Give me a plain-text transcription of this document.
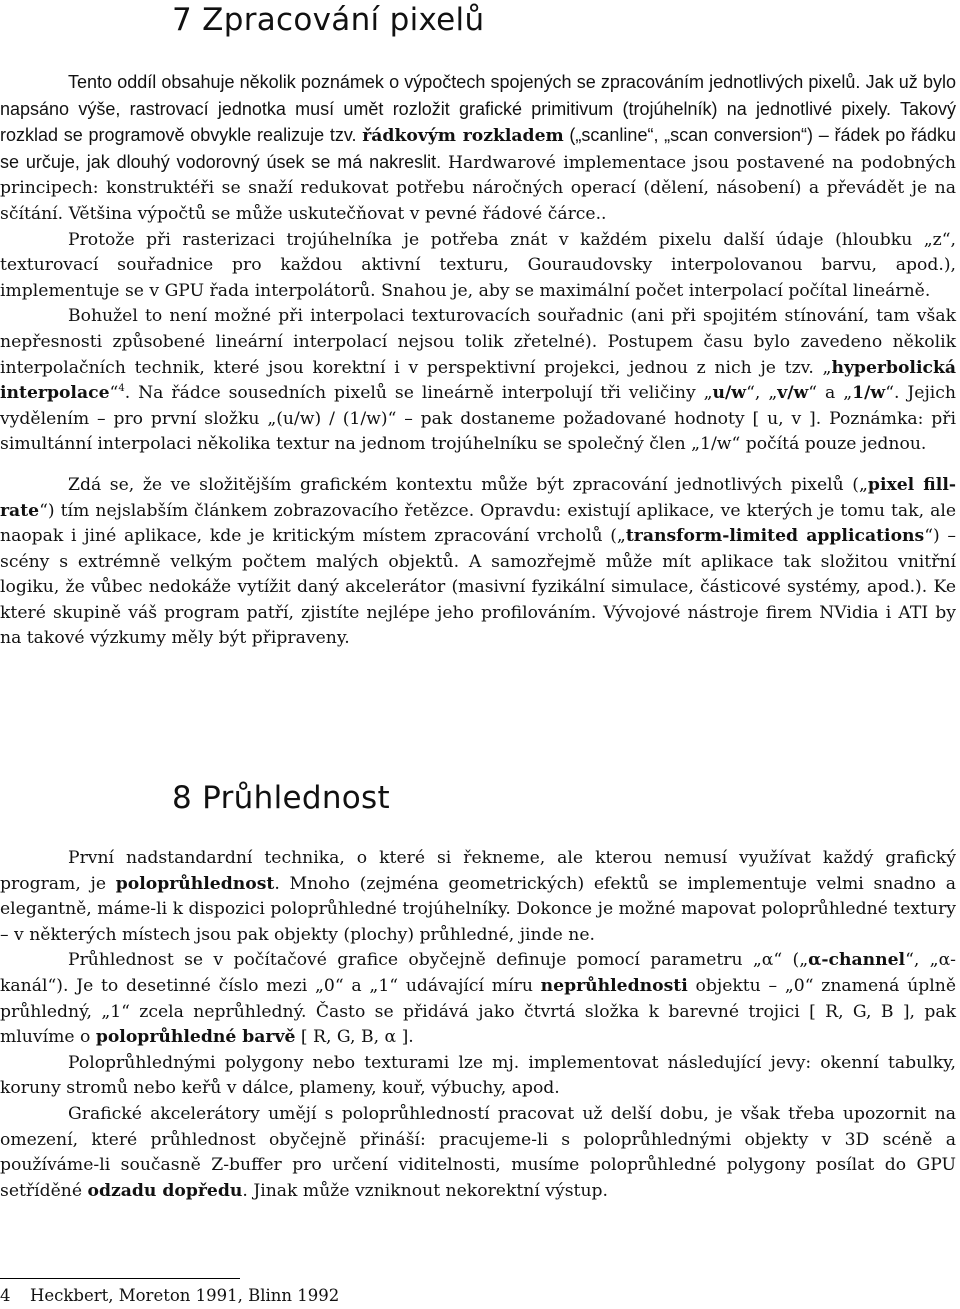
7 Zpracování pixelů

Tento oddíl obsahuje několik poznámek o výpočtech spojených se zpracováním jednotlivých pixelů. Jak už bylo napsáno výše, rastrovací jednotka musí umět rozložit grafické primitivum (trojúhelník) na jednotlivé pixely. Takový rozklad se programově obvykle realizuje tzv. řádkovým rozkladem („scanline“, „scan conversion“) – řádek po řádku se určuje, jak dlouhý vodorovný úsek se má nakreslit. Hardwarové implementace jsou postavené na podobných principech: konstruktéři se snaží redukovat potřebu náročných operací (dělení, násobení) a převádět je na sčítání. Většina výpočtů se může uskutečňovat v pevné řádové čárce..

Protože při rasterizaci trojúhelníka je potřeba znát v každém pixelu další údaje (hloubku „z“, texturovací souřadnice pro každou aktivní texturu, Gouraudovsky interpolovanou barvu, apod.), implementuje se v GPU řada interpolátorů. Snahou je, aby se maximální počet interpolací počítal lineárně.

Bohužel to není možné při interpolaci texturovacích souřadnic (ani při spojitém stínování, tam však nepřesnosti způsobené lineární interpolací nejsou tolik zřetelné). Postupem času bylo zavedeno několik interpolačních technik, které jsou korektní i v perspektivní projekci, jednou z nich je tzv. „hyperbolická interpolace“$^4$. Na řádce sousedních pixelů se lineárně interpolují tři veličiny „u/w“, „v/w“ a „1/w“. Jejich vydělením – pro první složku „(u/w) / (1/w)“ – pak dostaneme požadované hodnoty [ u, v ]. Poznámka: při simultánní interpolaci několika textur na jednom trojúhelníku se společný člen „1/w“ počítá pouze jednou.

Zdá se, že ve složitějším grafickém kontextu může být zpracování jednotlivých pixelů („pixel fill-rate“) tím nejslabším článkem zobrazovacího řetězce. Opravdu: existují aplikace, ve kterých je tomu tak, ale naopak i jiné aplikace, kde je kritickým místem zpracování vrcholů („transform-limited applications“) – scény s extrémně velkým počtem malých objektů. A samozřejmě může mít aplikace tak složitou vnitřní logiku, že vůbec nedokáže vytížit daný akcelerátor (masivní fyzikální simulace, částicové systémy, apod.). Ke které skupině váš program patří, zjistíte nejlépe jeho profilováním. Vývojové nástroje firem NVidia i ATI by na takové výzkumy měly být připraveny.

8 Průhlednost

První nadstandardní technika, o které si řekneme, ale kterou nemusí využívat každý grafický program, je poloprůhlednost. Mnoho (zejména geometrických) efektů se implementuje velmi snadno a elegantně, máme-li k dispozici poloprůhledné trojúhelníky. Dokonce je možné mapovat poloprůhledné textury – v některých místech jsou pak objekty (plochy) průhledné, jinde ne.

Průhlednost se v počítačové grafice obyčejně definuje pomocí parametru „α“ („α-channel“, „α-kanál“). Je to desetinné číslo mezi „0“ a „1“ udávající míru neprůhlednosti objektu – „0“ znamená úplně průhledný, „1“ zcela neprůhledný. Často se přidává jako čtvrtá složka k barevné trojici [ R, G, B ], pak mluvíme o poloprůhledné barvě [ R, G, B, α ].

Poloprůhlednými polygony nebo texturami lze mj. implementovat následující jevy: okenní tabulky, koruny stromů nebo keřů v dálce, plameny, kouř, výbuchy, apod.

Grafické akcelerátory umějí s poloprůhledností pracovat už delší dobu, je však třeba upozornit na omezení, které průhlednost obyčejně přináší: pracujeme-li s poloprůhlednými objekty v 3D scéně a používáme-li současně Z-buffer pro určení viditelnosti, musíme poloprůhledné polygony posílat do GPU setříděné odzadu dopředu. Jinak může vzniknout nekorektní výstup.

4 Heckbert, Moreton 1991, Blinn 1992
